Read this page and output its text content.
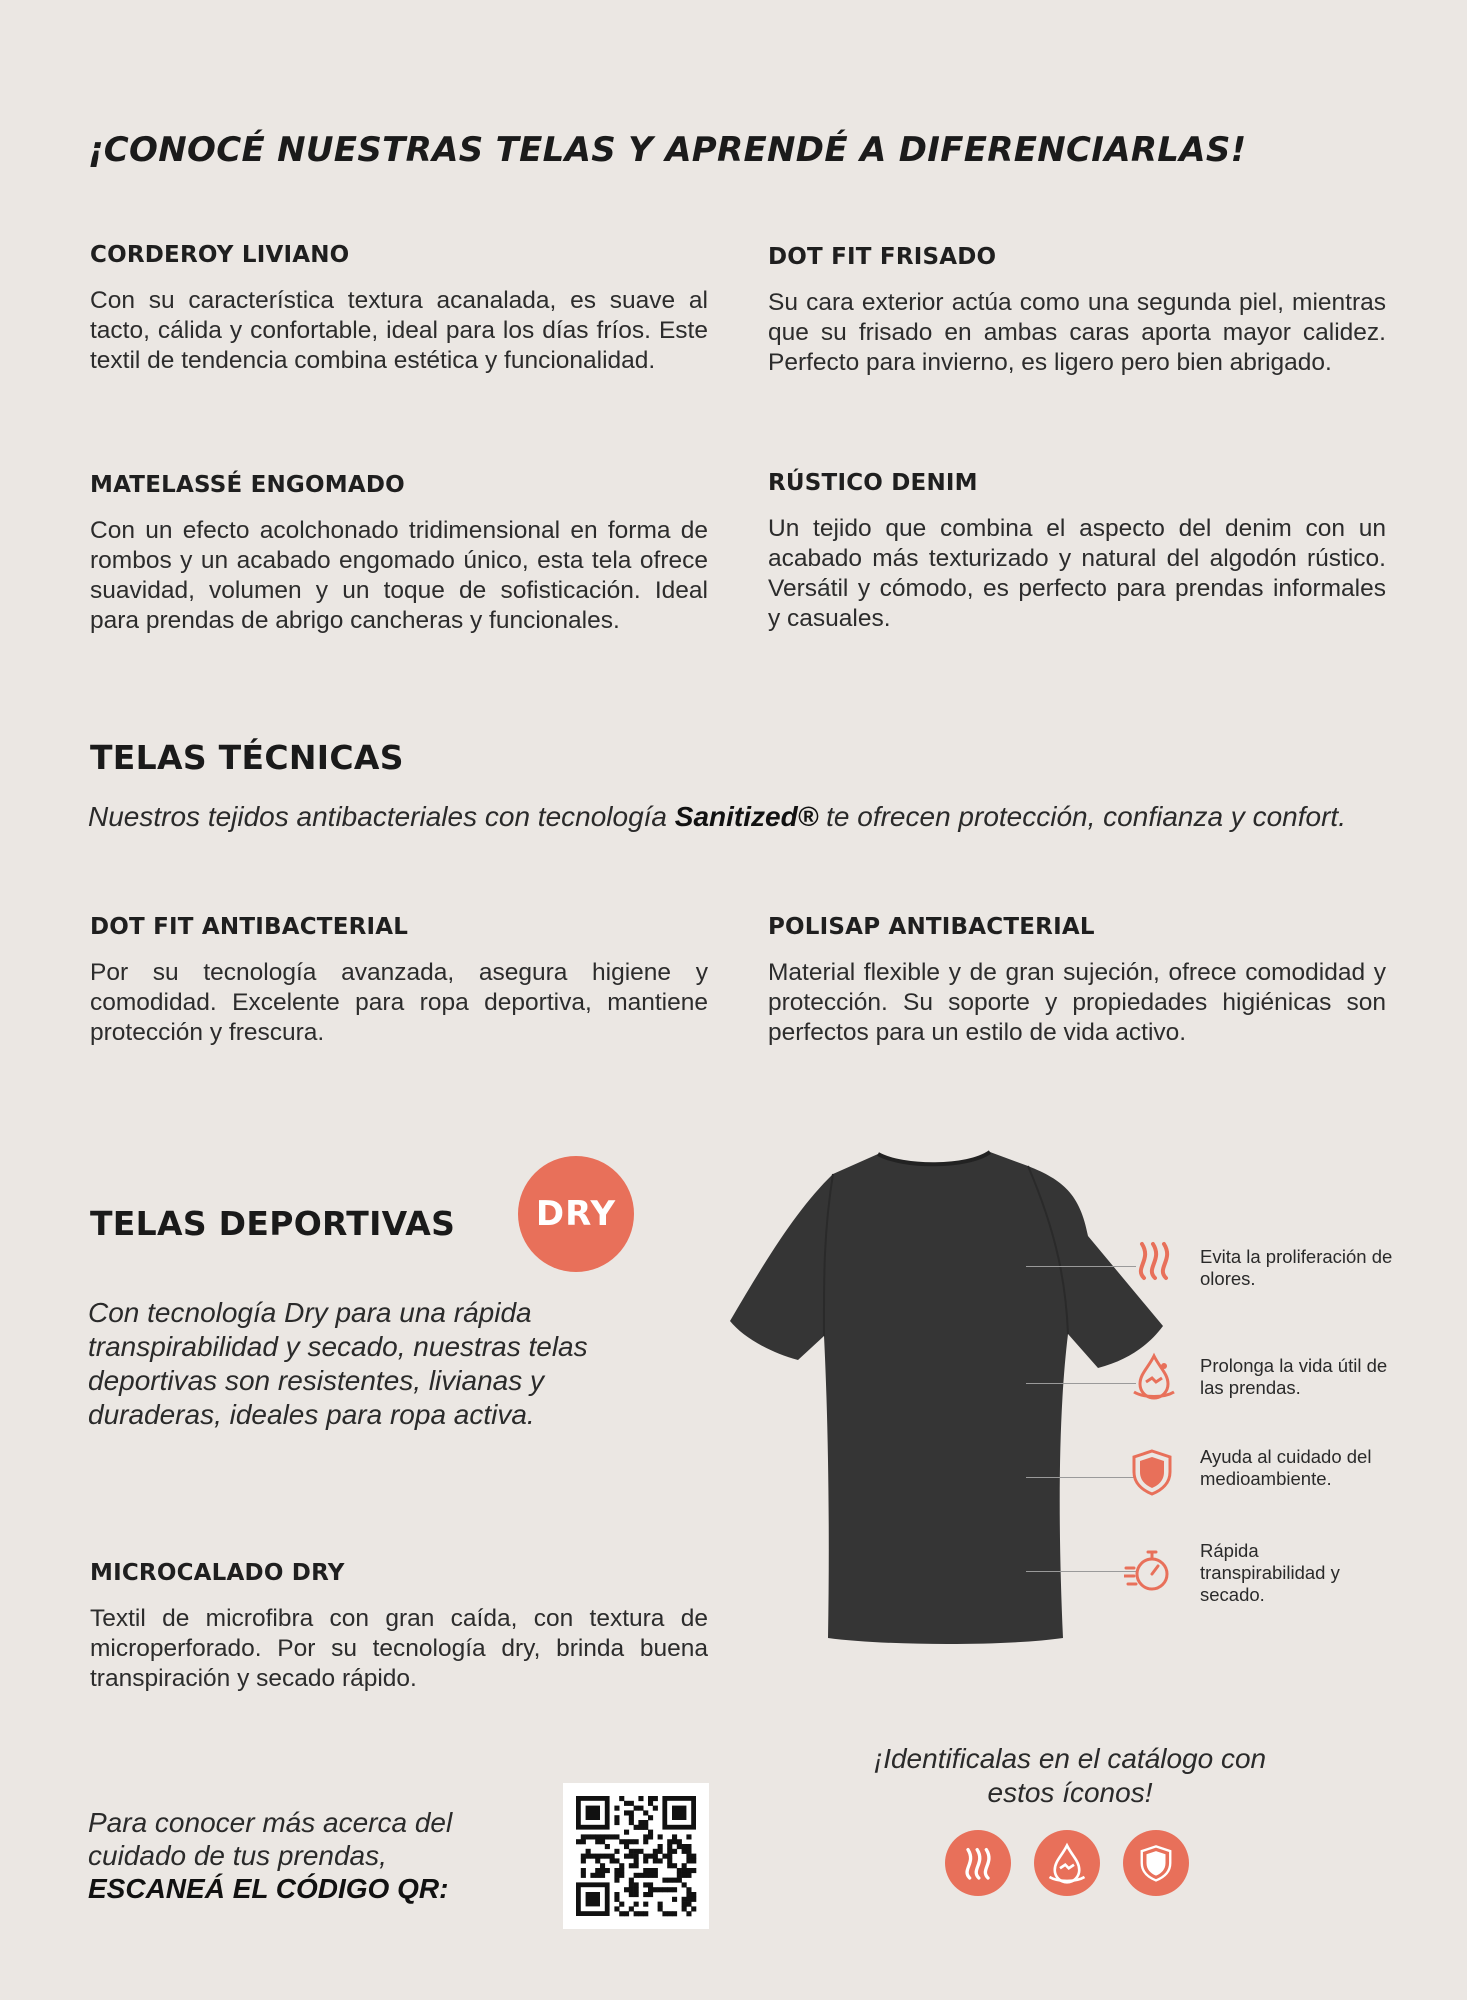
¡CONOCÉ NUESTRAS TELAS Y APRENDÉ A DIFERENCIARLAS!
CORDEROY LIVIANO
Con su característica textura acanalada, es suave al tacto, cálida y confortable, ideal para los días fríos. Este textil de tendencia combina estética y funcionalidad.
DOT FIT FRISADO
Su cara exterior actúa como una segunda piel, mientras que su frisado en ambas caras aporta mayor calidez. Perfecto para invierno, es ligero pero bien abrigado.
MATELASSÉ ENGOMADO
Con un efecto acolchonado tridimensional en forma de rombos y un acabado engomado único, esta tela ofrece suavidad, volumen y un toque de sofisticación. Ideal para prendas de abrigo cancheras y funcionales.
RÚSTICO DENIM
Un tejido que combina el aspecto del denim con un acabado más texturizado y natural del algodón rústico. Versátil y cómodo, es perfecto para prendas informales y casuales.
TELAS TÉCNICAS
Nuestros tejidos antibacteriales con tecnología Sanitized® te ofrecen protección, confianza y confort.
DOT FIT ANTIBACTERIAL
Por su tecnología avanzada, asegura higiene y comodidad. Excelente para ropa deportiva, mantiene protección y frescura.
POLISAP ANTIBACTERIAL
Material flexible y de gran sujeción, ofrece comodidad y protección. Su soporte y propiedades higiénicas son perfectos para un estilo de vida activo.
TELAS DEPORTIVAS	DRY
Con tecnología Dry para una rápida transpirabilidad y secado, nuestras telas deportivas son resistentes, livianas y duraderas, ideales para ropa activa.
MICROCALADO DRY
Textil de microfibra con gran caída, con textura de microperforado. Por su tecnología dry, brinda buena transpiración y secado rápido.
Evita la proliferación de olores.
Prolonga la vida útil de las prendas.
Ayuda al cuidado del medioambiente.
Rápida transpirabilidad y secado.
Para conocer más acerca del cuidado de tus prendas,
ESCANEÁ EL CÓDIGO QR:
¡Identificalas en el catálogo con estos íconos!
